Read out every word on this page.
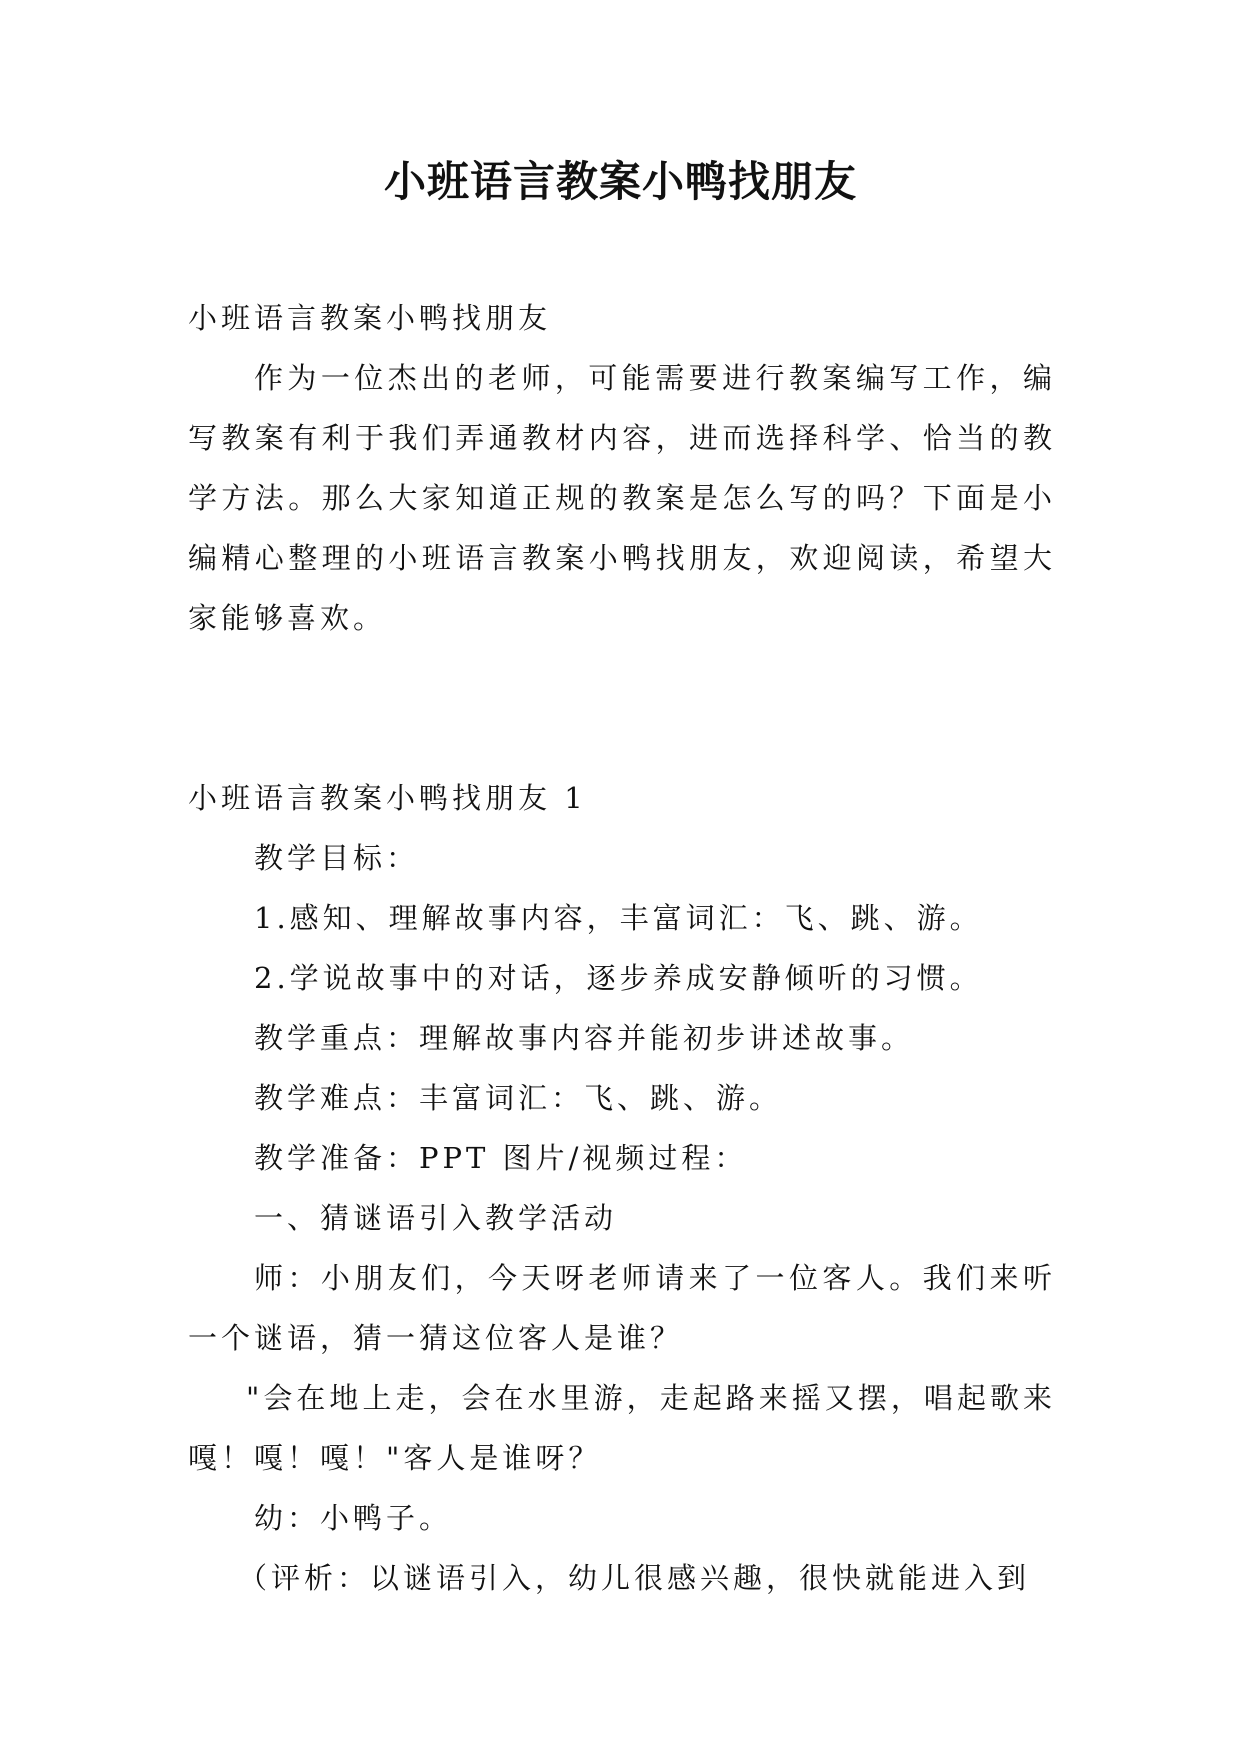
小班语言教案小鸭找朋友

小班语言教案小鸭找朋友

作为一位杰出的老师，可能需要进行教案编写工作，编写教案有利于我们弄通教材内容，进而选择科学、恰当的教学方法。那么大家知道正规的教案是怎么写的吗？下面是小编精心整理的小班语言教案小鸭找朋友，欢迎阅读，希望大家能够喜欢。

小班语言教案小鸭找朋友 1

教学目标：

1.感知、理解故事内容，丰富词汇：飞、跳、游。

2.学说故事中的对话，逐步养成安静倾听的习惯。

教学重点：理解故事内容并能初步讲述故事。

教学难点：丰富词汇：飞、跳、游。

教学准备：PPT 图片/视频过程：

一、猜谜语引入教学活动

师：小朋友们，今天呀老师请来了一位客人。我们来听一个谜语，猜一猜这位客人是谁？

"会在地上走，会在水里游，走起路来摇又摆，唱起歌来嘎！嘎！嘎！"客人是谁呀？

幼：小鸭子。

（评析：以谜语引入，幼儿很感兴趣，很快就能进入到
